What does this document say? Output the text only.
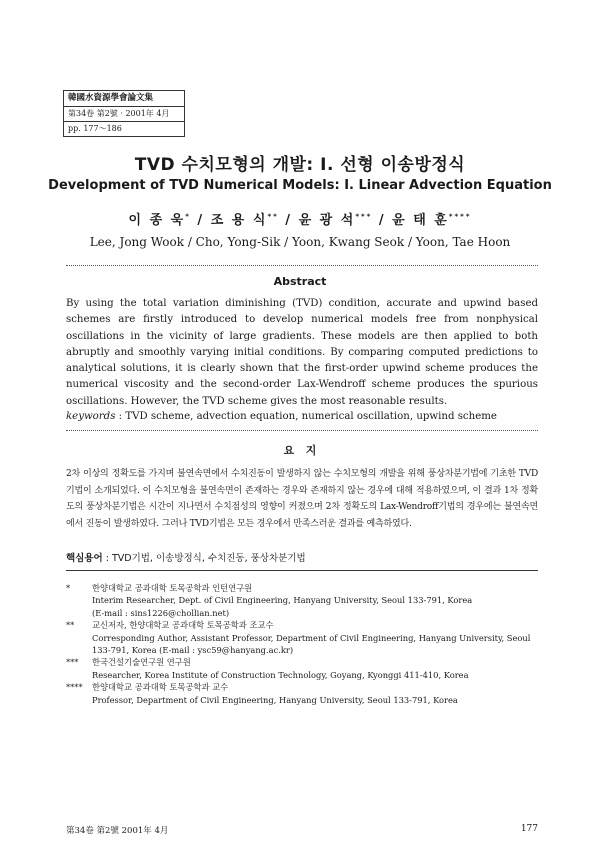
韓國水資源學會論文集
第34卷 第2號 · 2001年 4月
pp. 177～186
TVD 수치모형의 개발: Ⅰ. 선형 이송방정식
Development of TVD Numerical Models: Ⅰ. Linear Advection Equation
이 종 욱* / 조 용 식** / 윤 광 석*** / 윤 태 훈****
Lee, Jong Wook / Cho, Yong-Sik / Yoon, Kwang Seok / Yoon, Tae Hoon
Abstract
By using the total variation diminishing (TVD) condition, accurate and upwind based schemes are firstly introduced to develop numerical models free from nonphysical oscillations in the vicinity of large gradients. These models are then applied to both abruptly and smoothly varying initial conditions. By comparing computed predictions to analytical solutions, it is clearly shown that the first-order upwind scheme produces the numerical viscosity and the second-order Lax-Wendroff scheme produces the spurious oscillations. However, the TVD scheme gives the most reasonable results.
keywords : TVD scheme, advection equation, numerical oscillation, upwind scheme
요   지
2차 이상의 정확도를 가지며 불연속면에서 수치진동이 발생하지 않는 수치모형의 개발을 위해 풍상차분기법에 기초한 TVD기법이 소개되었다. 이 수치모형을 불연속면이 존재하는 경우와 존재하지 않는 경우에 대해 적용하였으며, 이 결과 1차 정확도의 풍상차분기법은 시간이 지나면서 수치점성의 영향이 커졌으며 2차 정확도의 Lax-Wendroff기법의 경우에는 불연속면에서 진동이 발생하였다. 그러나 TVD기법은 모든 경우에서 만족스러운 결과를 예측하였다.
핵심용어 : TVD기법, 이송방정식, 수치진동, 풍상차분기법
*	한양대학교 공과대학 토목공학과 인턴연구원
Interim Researcher, Dept. of Civil Engineering, Hanyang University, Seoul 133-791, Korea
(E-mail : sins1226@chollian.net)
**	교신저자, 한양대학교 공과대학 토목공학과 조교수
Corresponding Author, Assistant Professor, Department of Civil Engineering, Hanyang University, Seoul 133-791, Korea (E-mail : ysc59@hanyang.ac.kr)
***	한국건설기술연구원 연구원
Researcher, Korea Institute of Construction Technology, Goyang, Kyonggi 411-410, Korea
****	한양대학교 공과대학 토목공학과 교수
Professor, Department of Civil Engineering, Hanyang University, Seoul 133-791, Korea
第34卷 第2號 2001年 4月	177
